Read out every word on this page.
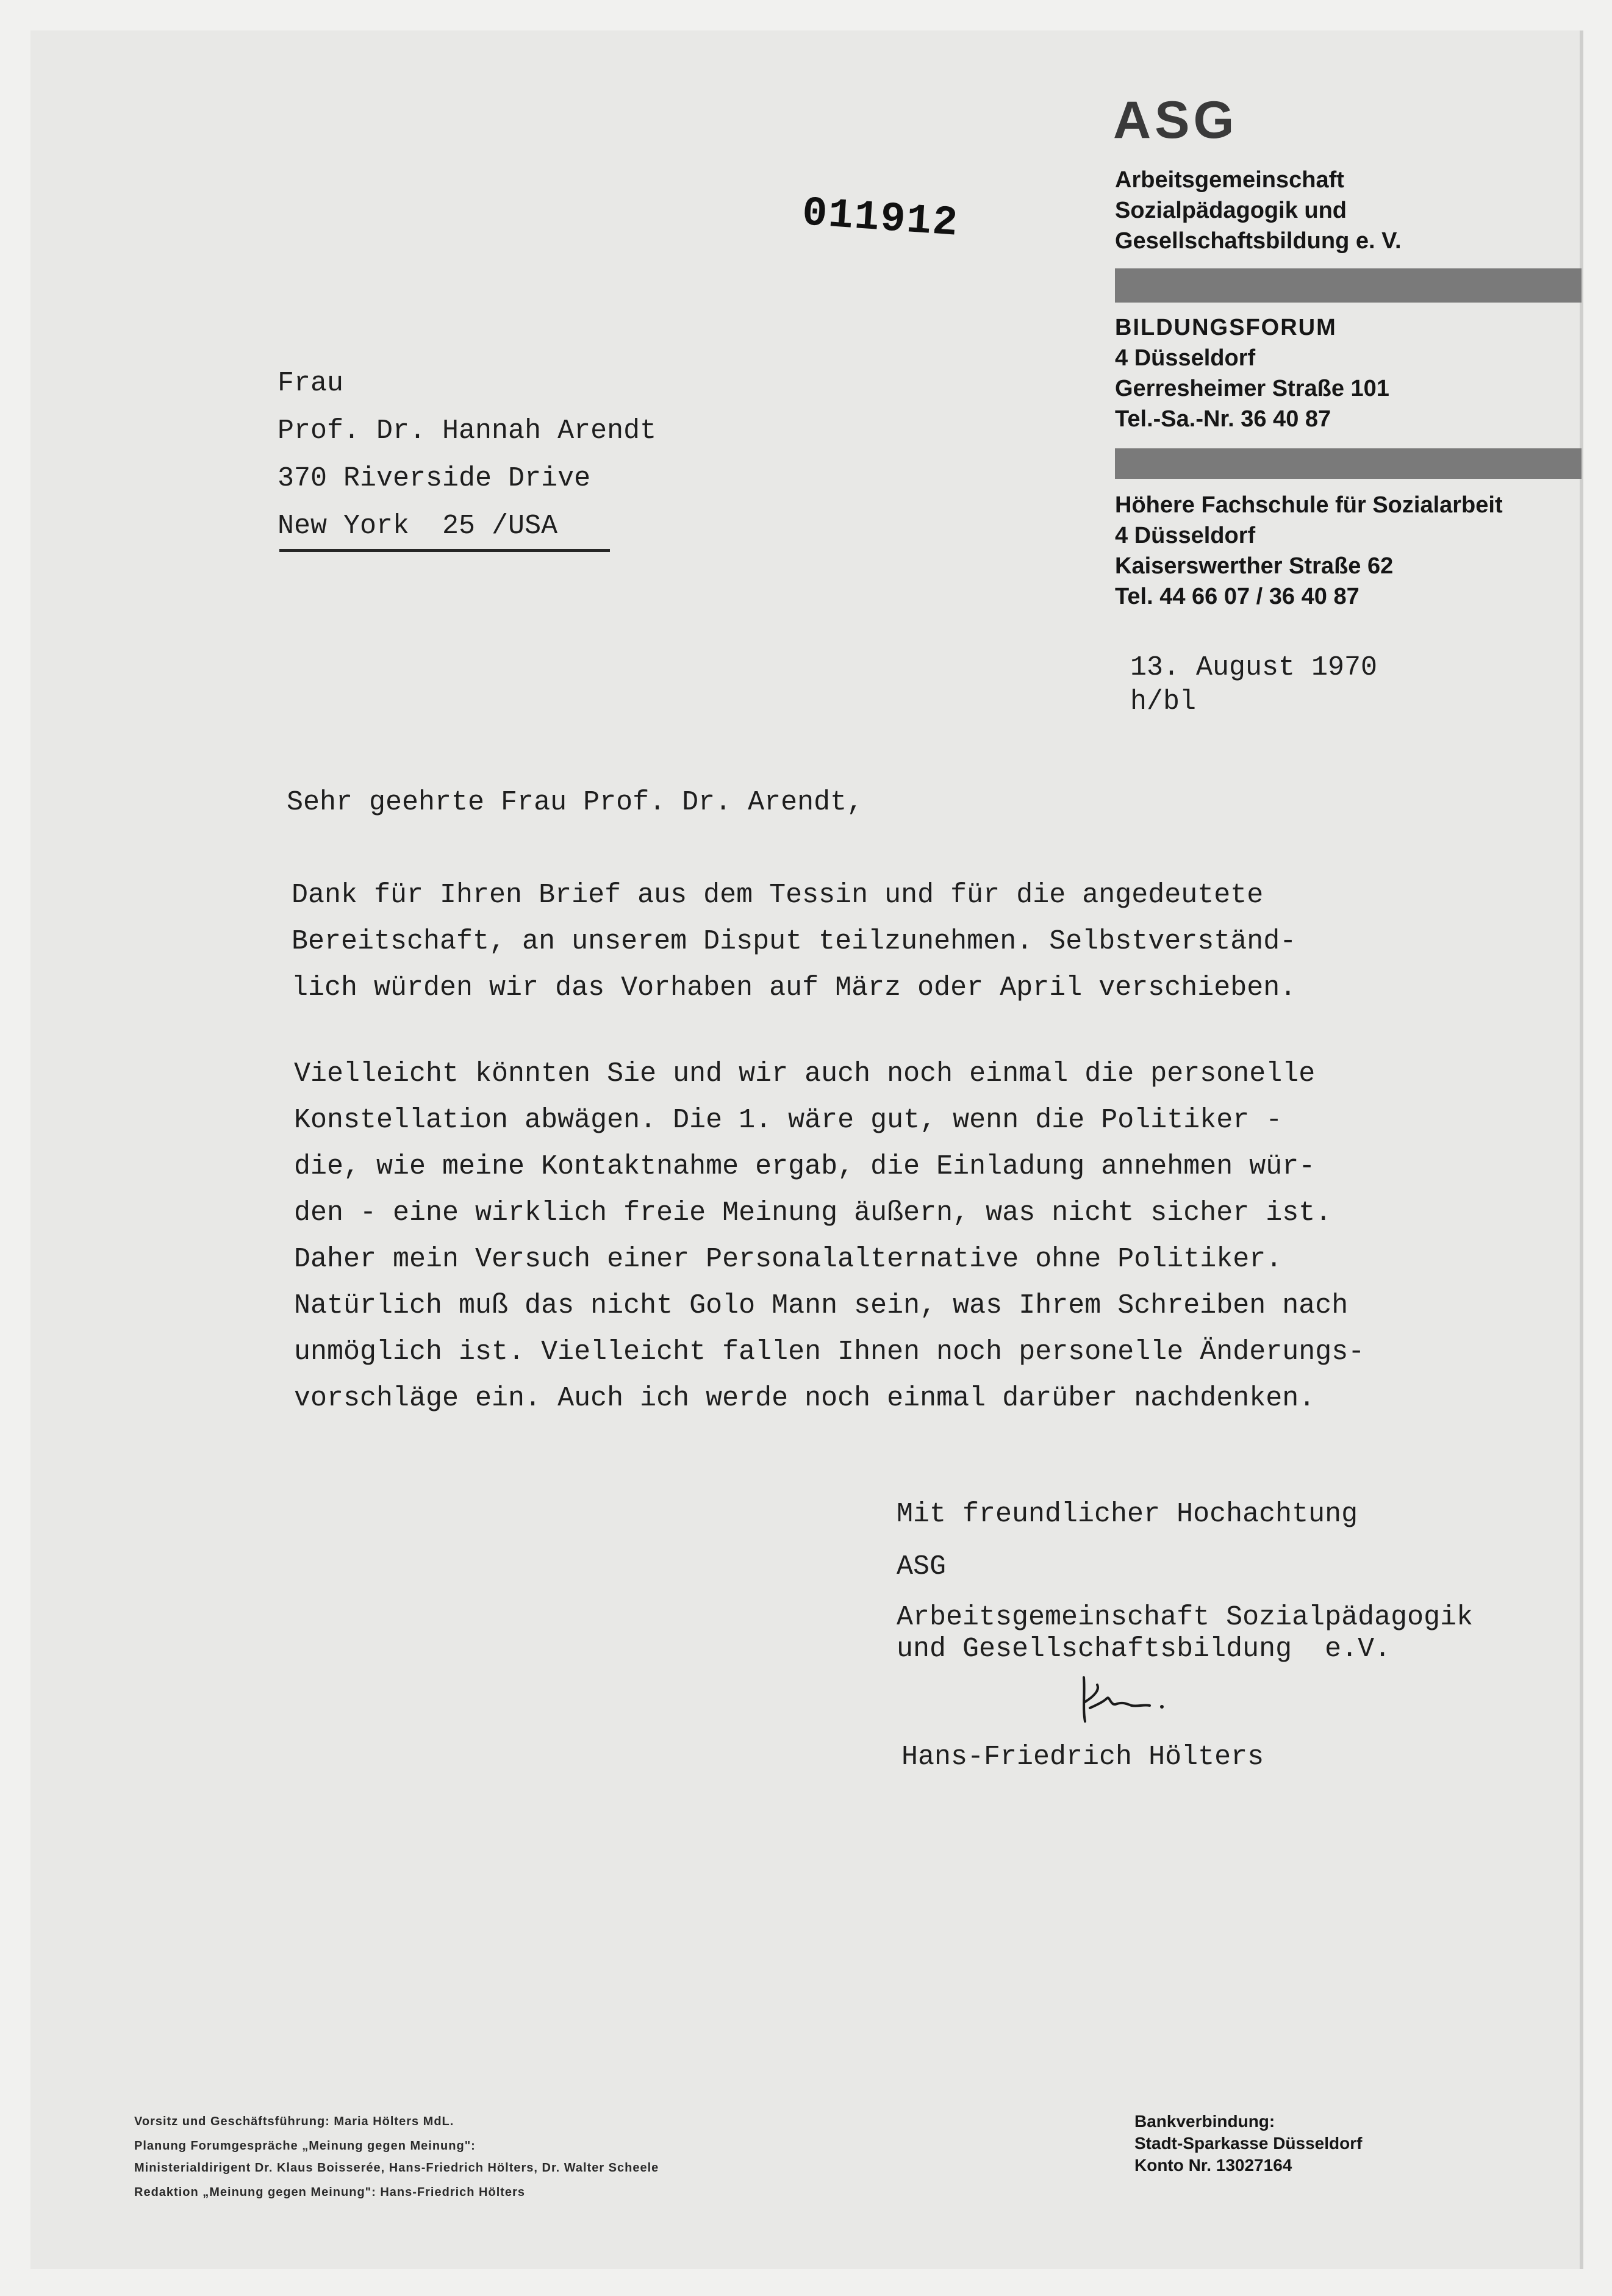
ASG
Arbeitsgemeinschaft
Sozialpädagogik und
Gesellschaftsbildung e. V.
BILDUNGSFORUM
4 Düsseldorf
Gerresheimer Straße 101
Tel.-Sa.-Nr. 36 40 87
Höhere Fachschule für Sozialarbeit
4 Düsseldorf
Kaiserswerther Straße 62
Tel. 44 66 07 / 36 40 87
011912
Frau
Prof. Dr. Hannah Arendt
370 Riverside Drive
New York  25 /USA
13. August 1970
h/bl
Sehr geehrte Frau Prof. Dr. Arendt,
Dank für Ihren Brief aus dem Tessin und für die angedeutete
Bereitschaft, an unserem Disput teilzunehmen. Selbstverständ-
lich würden wir das Vorhaben auf März oder April verschieben.
Vielleicht könnten Sie und wir auch noch einmal die personelle
Konstellation abwägen. Die 1. wäre gut, wenn die Politiker -
die, wie meine Kontaktnahme ergab, die Einladung annehmen wür-
den - eine wirklich freie Meinung äußern, was nicht sicher ist.
Daher mein Versuch einer Personalalternative ohne Politiker.
Natürlich muß das nicht Golo Mann sein, was Ihrem Schreiben nach
unmöglich ist. Vielleicht fallen Ihnen noch personelle Änderungs-
vorschläge ein. Auch ich werde noch einmal darüber nachdenken.
Mit freundlicher Hochachtung
ASG
Arbeitsgemeinschaft Sozialpädagogik
und Gesellschaftsbildung  e.V.
Hans-Friedrich Hölters
Vorsitz und Geschäftsführung: Maria Hölters MdL.
Planung Forumgespräche „Meinung gegen Meinung":
Ministerialdirigent Dr. Klaus Boisserée, Hans-Friedrich Hölters, Dr. Walter Scheele
Redaktion „Meinung gegen Meinung": Hans-Friedrich Hölters
Bankverbindung:
Stadt-Sparkasse Düsseldorf
Konto Nr. 13027164
